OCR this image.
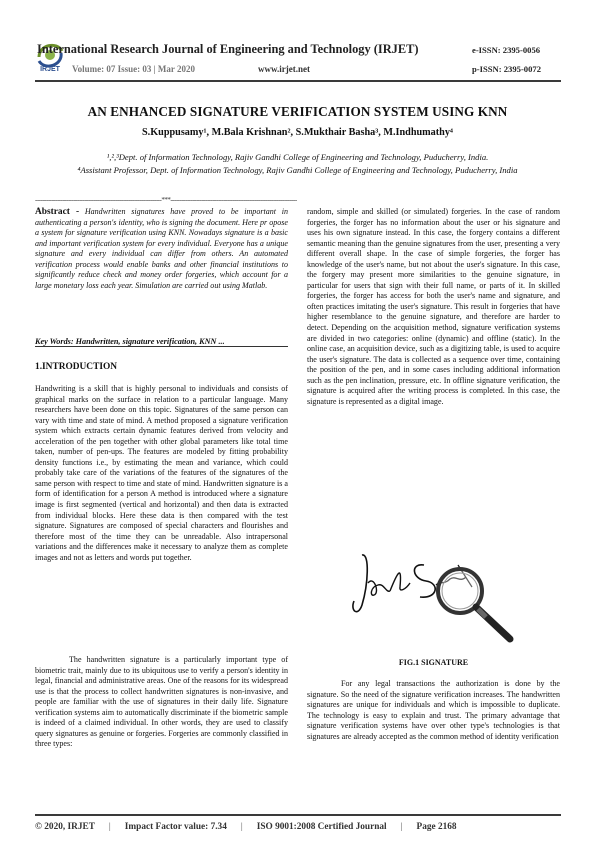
IRJET
International Research Journal of Engineering and Technology (IRJET)	e-ISSN: 2395-0056
Volume: 07 Issue: 03 | Mar 2020	www.irjet.net	p-ISSN: 2395-0072
AN ENHANCED SIGNATURE VERIFICATION SYSTEM USING KNN
S.Kuppusamy¹, M.Bala Krishnan², S.Mukthair Basha³, M.Indhumathy⁴
¹,²,³Dept. of Information Technology, Rajiv Gandhi College of Engineering and Technology, Puducherry, India.
⁴Assistant Professor, Dept. of Information Technology, Rajiv Gandhi College of Engineering and Technology, Puducherry, India
---------------------------------------------------------------------***---------------------------------------------------------------------

Abstract - Handwritten signatures have proved to be important in authenticating a person's identity, who is signing the document. Here pr opose a system for signature verification using KNN. Nowadays signature is a basic and important verification system for every individual. Everyone has a unique signature and every individual can differ from others. An automated verification process would enable banks and other financial institutions to significantly reduce check and money order forgeries, which account for a large monetary loss each year. Simulation are carried out using Matlab.

Key Words: Handwritten, signature verification, KNN ...
1.INTRODUCTION
Handwriting is a skill that is highly personal to individuals and consists of graphical marks on the surface in relation to a particular language. Many researchers have been done on this topic. Signatures of the same person can vary with time and state of mind. A method proposed a signature verification system which extracts certain dynamic features derived from velocity and acceleration of the pen together with other global parameters like total time taken, number of pen-ups. The features are modeled by fitting probability density functions i.e., by estimating the mean and variance, which could probably take care of the variations of the features of the signatures of the same person with respect to time and state of mind. Handwritten signature is a form of identification for a person A method is introduced where a signature image is first segmented (vertical and horizontal) and then data is extracted from individual blocks. Here these data is then compared with the test signature. Signatures are composed of special characters and flourishes and therefore most of the time they can be unreadable. Also intrapersonal variations and the differences make it necessary to analyze them as complete images and not as letters and words put together.
The handwritten signature is a particularly important type of biometric trait, mainly due to its ubiquitous use to verify a person's identity in legal, financial and administrative areas. One of the reasons for its widespread use is that the process to collect handwritten signatures is non-invasive, and people are familiar with the use of signatures in their daily life. Signature verification systems aim to automatically discriminate if the biometric sample is indeed of a claimed individual. In other words, they are used to classify query signatures as genuine or forgeries. Forgeries are commonly classified in three types:
random, simple and skilled (or simulated) forgeries. In the case of random forgeries, the forger has no information about the user or his signature and uses his own signature instead. In this case, the forgery contains a different semantic meaning than the genuine signatures from the user, presenting a very different overall shape. In the case of simple forgeries, the forger has knowledge of the user's name, but not about the user's signature. In this case, the forgery may present more similarities to the genuine signature, in particular for users that sign with their full name, or parts of it. In skilled forgeries, the forger has access for both the user's name and signature, and often practices imitating the user's signature. This result in forgeries that have higher resemblance to the genuine signature, and therefore are harder to detect. Depending on the acquisition method, signature verification systems are divided in two categories: online (dynamic) and offline (static). In the online case, an acquisition device, such as a digitizing table, is used to acquire the user's signature. The data is collected as a sequence over time, containing the position of the pen, and in some cases including additional information such as the pen inclination, pressure, etc. In offline signature verification, the signature is acquired after the writing process is completed. In this case, the signature is represented as a digital image.
FIG.1 SIGNATURE
For any legal transactions the authorization is done by the signature. So the need of the signature verification increases. The handwritten signatures are unique for individuals and which is impossible to duplicate. The technology is easy to explain and trust. The primary advantage that signature verification systems have over other type's technologies is that signatures are already accepted as the common method of identity verification
© 2020, IRJET | Impact Factor value: 7.34 | ISO 9001:2008 Certified Journal | Page 2168
